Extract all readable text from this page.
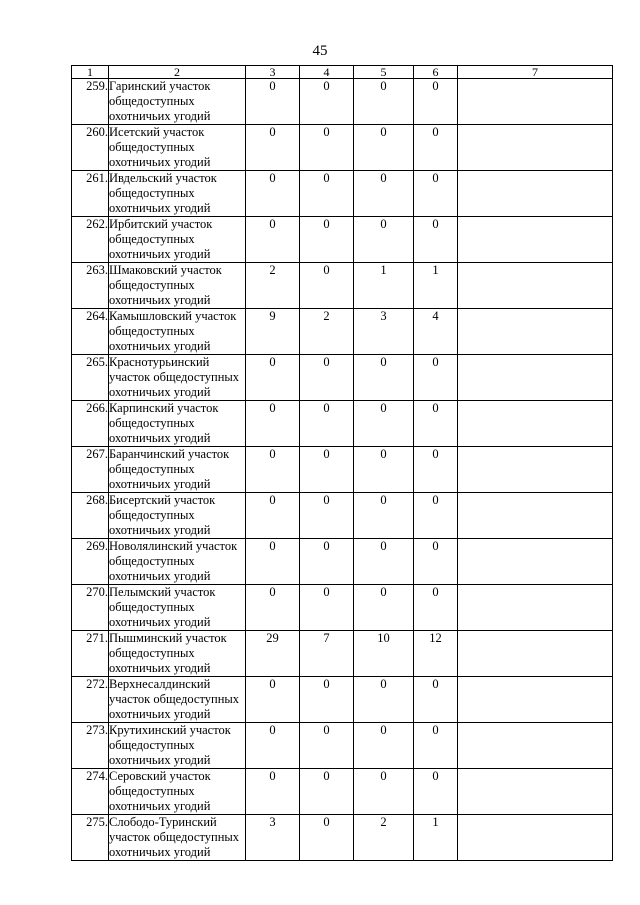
45
1	2	3	4	5	6	7
259.	Гаринский участок
общедоступных
охотничьих угодий	0	0	0	0	
260.	Исетский участок
общедоступных
охотничьих угодий	0	0	0	0	
261.	Ивдельский участок
общедоступных
охотничьих угодий	0	0	0	0	
262.	Ирбитский участок
общедоступных
охотничьих угодий	0	0	0	0	
263.	Шмаковский участок
общедоступных
охотничьих угодий	2	0	1	1	
264.	Камышловский участок
общедоступных
охотничьих угодий	9	2	3	4	
265.	Краснотурьинский
участок общедоступных
охотничьих угодий	0	0	0	0	
266.	Карпинский участок
общедоступных
охотничьих угодий	0	0	0	0	
267.	Баранчинский участок
общедоступных
охотничьих угодий	0	0	0	0	
268.	Бисертский участок
общедоступных
охотничьих угодий	0	0	0	0	
269.	Новолялинский участок
общедоступных
охотничьих угодий	0	0	0	0	
270.	Пелымский участок
общедоступных
охотничьих угодий	0	0	0	0	
271.	Пышминский участок
общедоступных
охотничьих угодий	29	7	10	12	
272.	Верхнесалдинский
участок общедоступных
охотничьих угодий	0	0	0	0	
273.	Крутихинский участок
общедоступных
охотничьих угодий	0	0	0	0	
274.	Серовский участок
общедоступных
охотничьих угодий	0	0	0	0	
275.	Слободо-Туринский
участок общедоступных
охотничьих угодий	3	0	2	1	
